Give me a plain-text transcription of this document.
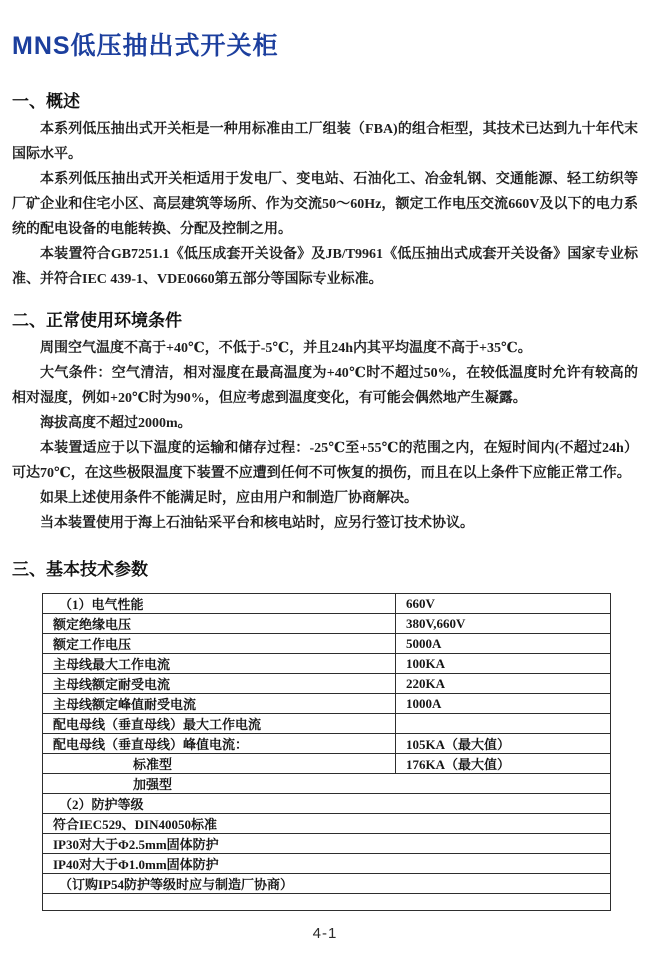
MNS低压抽出式开关柜
一、概述

本系列低压抽出式开关柜是一种用标准由工厂组装（FBA)的组合柜型，其技术已达到九十年代末国际水平。

本系列低压抽出式开关柜适用于发电厂、变电站、石油化工、冶金轧钢、交通能源、轻工纺织等厂矿企业和住宅小区、高层建筑等场所、作为交流50～60Hz，额定工作电压交流660V及以下的电力系统的配电设备的电能转换、分配及控制之用。

本装置符合GB7251.1《低压成套开关设备》及JB/T9961《低压抽出式成套开关设备》国家专业标准、并符合IEC 439-1、VDE0660第五部分等国际专业标准。

二、正常使用环境条件

周围空气温度不高于+40℃，不低于-5℃，并且24h内其平均温度不高于+35℃。

大气条件：空气清洁，相对湿度在最高温度为+40℃时不超过50%，在较低温度时允许有较高的相对湿度，例如+20℃时为90%，但应考虑到温度变化，有可能会偶然地产生凝露。

海拔高度不超过2000m。

本装置适应于以下温度的运输和储存过程：-25℃至+55℃的范围之内，在短时间内(不超过24h）可达70℃，在这些极限温度下装置不应遭到任何不可恢复的损伤，而且在以上条件下应能正常工作。

如果上述使用条件不能满足时，应由用户和制造厂协商解决。

当本装置使用于海上石油钻采平台和核电站时，应另行签订技术协议。

三、基本技术参数
（1）电气性能	660V
额定绝缘电压	380V,660V
额定工作电压	5000A
主母线最大工作电流	100KA
主母线额定耐受电流	220KA
主母线额定峰值耐受电流	1000A
配电母线（垂直母线）最大工作电流	
配电母线（垂直母线）峰值电流：	105KA（最大值）
标准型	176KA（最大值）
加强型	
（2）防护等级	
符合IEC529、DIN40050标准	
IP30对大于Φ2.5mm固体防护	
IP40对大于Φ1.0mm固体防护	
（订购IP54防护等级时应与制造厂协商）	

4-1
